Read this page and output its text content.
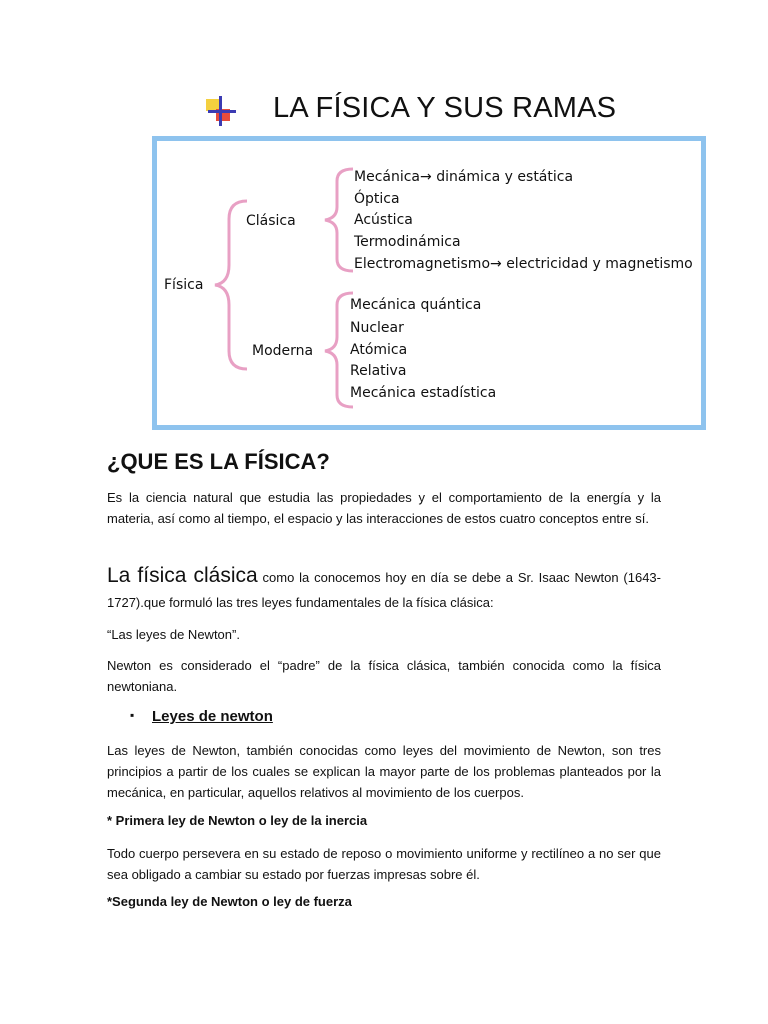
LA FÍSICA Y SUS RAMAS
Física
Clásica
Moderna
Mecánica→ dinámica y estática
Óptica
Acústica
Termodinámica
Electromagnetismo→ electricidad y magnetismo
Mecánica quántica
Nuclear
Atómica
Relativa
Mecánica estadística
¿QUE ES LA FÍSICA?
Es la ciencia natural que estudia las propiedades y el comportamiento de la energía y la materia, así como al tiempo, el espacio y las interacciones de estos cuatro conceptos entre sí.
La física clásica como la conocemos hoy en día se debe a Sr. Isaac Newton (1643-1727).que formuló las tres leyes fundamentales de la física clásica:
“Las leyes de Newton”.
Newton es considerado el “padre” de la física clásica, también conocida como la física newtoniana.
▪ Leyes de newton
Las leyes de Newton, también conocidas como leyes del movimiento de Newton, son tres principios a partir de los cuales se explican la mayor parte de los problemas planteados por la mecánica, en particular, aquellos relativos al movimiento de los cuerpos.
* Primera ley de Newton o ley de la inercia
Todo cuerpo persevera en su estado de reposo o movimiento uniforme y rectilíneo a no ser que sea obligado a cambiar su estado por fuerzas impresas sobre él.
*Segunda ley de Newton o ley de fuerza
